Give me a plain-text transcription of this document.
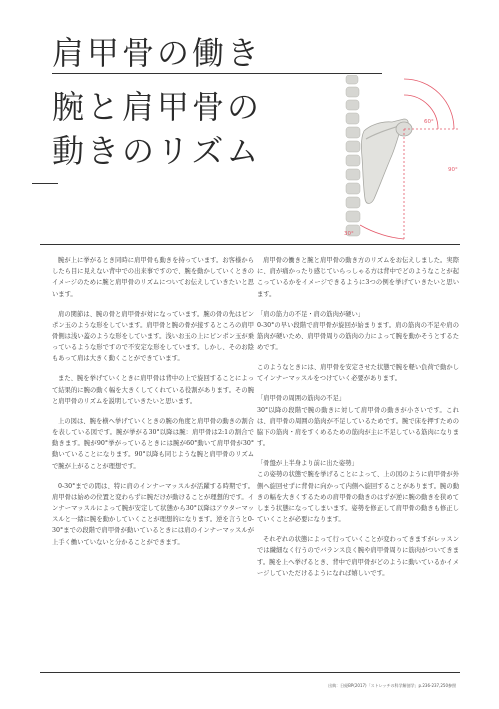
肩甲骨の働き
腕と肩甲骨の
動きのリズム
60°
90°
30°

腕が上に挙がるとき同時に肩甲骨も動きを持っています。お客様からしたら目に見えない背中での出来事ですので、腕を動かしていくときのイメージのために腕と肩甲骨のリズムについてお伝えしていきたいと思います。

肩の関節は、腕の骨と肩甲骨が対になっています。腕の骨の先はピンポン玉のような形をしています。肩甲骨と腕の骨が接するところの肩甲骨側は浅い蓋のような形をしています。浅いお玉の上にピンポン玉が乗っているような形ですので不安定な形をしています。しかし、そのお陰もあって肩は大きく動くことができています。

また、腕を挙げていくときに肩甲骨は背中の上で旋回することによって結果的に腕の動く幅を大きくしてくれている役割があります。その腕と肩甲骨のリズムを説明していきたいと思います。

上の図は、腕を横へ挙げていくときの腕の角度と肩甲骨の動きの割合を表している図です。腕が挙がる30°以降は腕：肩甲骨は2:1の割合で動きます。腕が90°挙がっているときには腕が60°動いて肩甲骨が30°動いていることになります。90°以降も同じような腕と肩甲骨のリズムで腕が上がることが理想です。

0-30°までの間は、特に肩のインナーマッスルが活躍する時期です。肩甲骨は始めの位置と変わらずに腕だけが動けることが理想的です。インナーマッスルによって腕が安定して状態から30°以降はアウターマッスルと一緒に腕を動かしていくことが理想的になります。逆を言うと0-30°までの段階で肩甲骨が動いているときには肩のインナーマッスルが上手く働いていないと分かることができます。

肩甲骨の働きと腕と肩甲骨の動き方のリズムをお伝えしました。実際に、肩が痛かったり感じていらっしゃる方は背中でどのようなことが起こっているかをイメージできるように3つの例を挙げていきたいと思います。

「肩の筋力の不足・肩の筋肉が硬い」

0-30°の早い段階で肩甲骨が旋回が始まります。肩の筋肉の不足や肩の筋肉が硬いため、肩甲骨周りの筋肉の力によって腕を動かそうとするためです。

このようなときには、肩甲骨を安定させた状態で腕を軽い負荷で動かしてインナーマッスルをつけていく必要があります。

「肩甲骨の周囲の筋肉の不足」

30°以降の段階で腕の動きに対して肩甲骨の動きが小さいです。これは、肩甲骨の周囲の筋肉が不足しているためです。腕で床を押すための脇下の筋肉・肩をすくめるための筋肉が主に不足している筋肉になります。

「骨盤が上半身より前に出た姿勢」

この姿勢の状態で腕を挙げることによって、上の図のように肩甲骨が外側へ旋回せずに背骨に向かって内側へ旋回することがあります。腕の動きの幅を大きくするための肩甲骨の動きのはずが逆に腕の動きを狭めてしまう状態になってしまいます。姿勢を修正して肩甲骨の動きも修正していくことが必要になります。

それぞれの状態によって行っていくことが変わってきますがレッスンでは繊細なく行うのでバランス良く腕や肩甲骨周りに筋肉がついてきます。腕を上へ挙げるとき、背中で肩甲骨がどのように動いているかイメージしていただけるようになれば嬉しいです。

出典：日経BP(2017)「ストレッチの科学解剖学」p.236-237,250参照
